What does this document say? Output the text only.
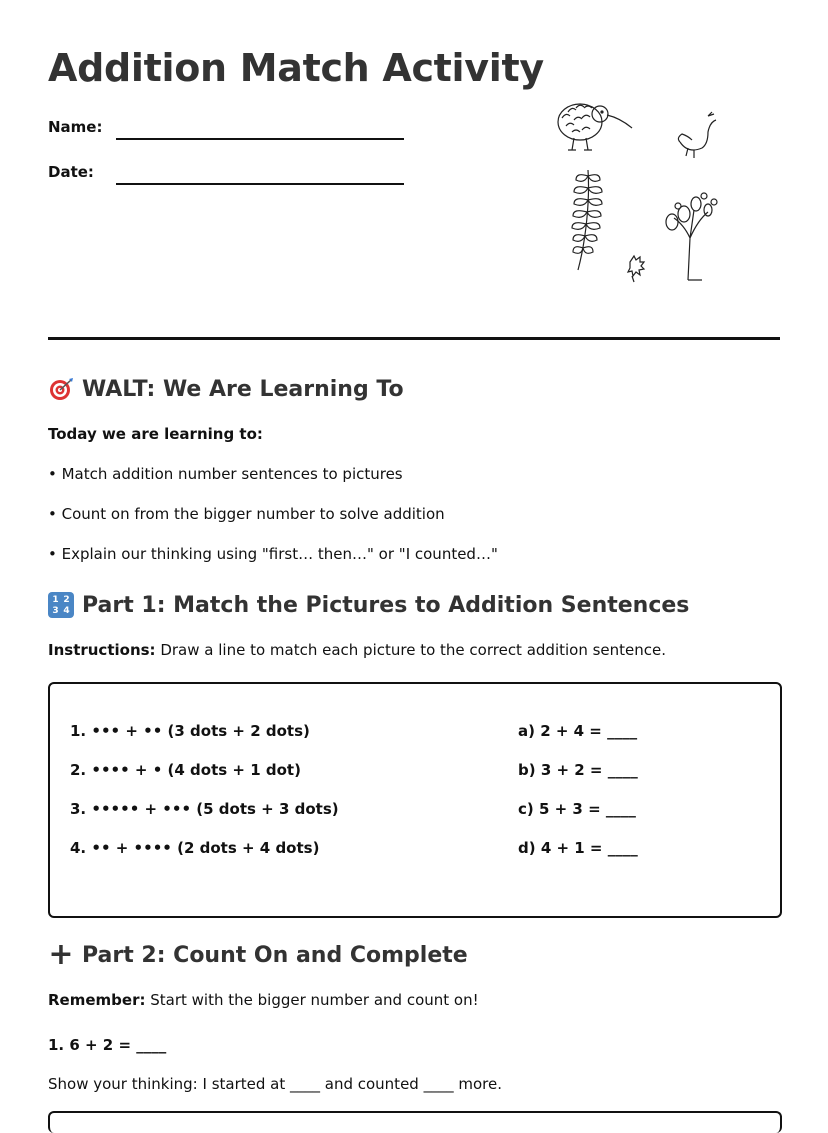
Addition Match Activity
Name:
Date:
WALT: We Are Learning To

Today we are learning to:

• Match addition number sentences to pictures

• Count on from the bigger number to solve addition

• Explain our thinking using "first… then…" or "I counted…"

1 2
3 4 Part 1: Match the Pictures to Addition Sentences

Instructions: Draw a line to match each picture to the correct addition sentence.

1. ••• + •• (3 dots + 2 dots)
2. •••• + • (4 dots + 1 dot)
3. ••••• + ••• (5 dots + 3 dots)
4. •• + •••• (2 dots + 4 dots)
a) 2 + 4 = ____
b) 3 + 2 = ____
c) 5 + 3 = ____
d) 4 + 1 = ____
+ Part 2: Count On and Complete

Remember: Start with the bigger number and count on!

1. 6 + 2 = ____

Show your thinking: I started at ____ and counted ____ more.
